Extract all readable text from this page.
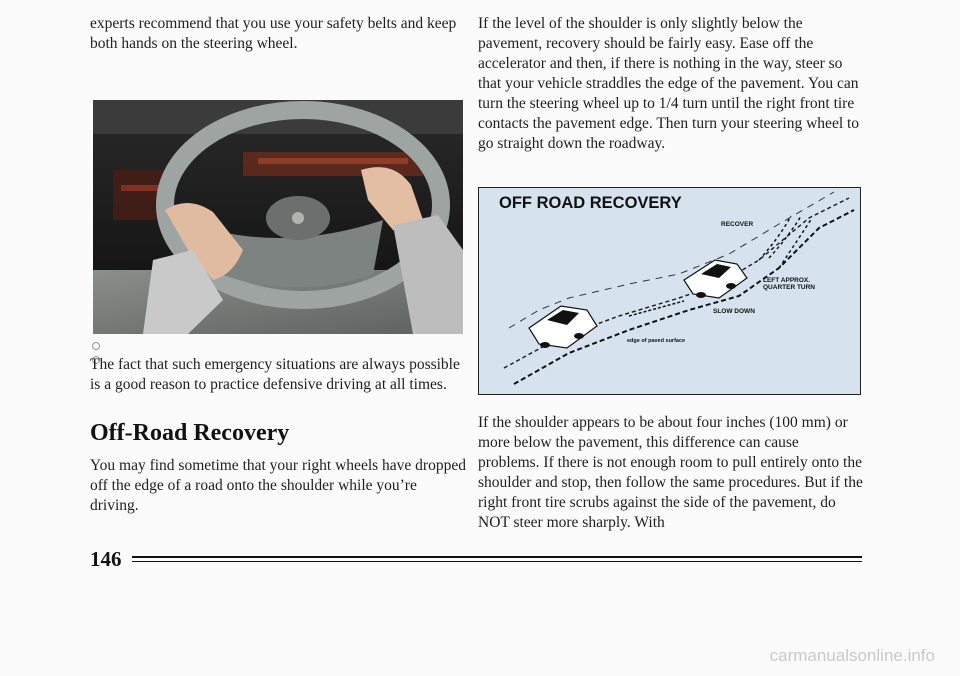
experts recommend that you use your safety belts and keep both hands on the steering wheel.

The fact that such emergency situations are always possible is a good reason to practice defensive driving at all times.

Off-Road Recovery

You may find sometime that your right wheels have dropped off the edge of a road onto the shoulder while you’re driving.

If the level of the shoulder is only slightly below the pavement, recovery should be fairly easy. Ease off the accelerator and then, if there is nothing in the way, steer so that your vehicle straddles the edge of the pavement. You can turn the steering wheel up to 1/4 turn until the right front tire contacts the pavement edge. Then turn your steering wheel to go straight down the roadway.

OFF ROAD RECOVERY

RECOVER
LEFT APPROX. QUARTER TURN
SLOW DOWN
edge of paved surface

If the shoulder appears to be about four inches (100 mm) or more below the pavement, this difference can cause problems. If there is not enough room to pull entirely onto the shoulder and stop, then follow the same procedures. But if the right front tire scrubs against the side of the pavement, do NOT steer more sharply. With

146
carmanualsonline.info
